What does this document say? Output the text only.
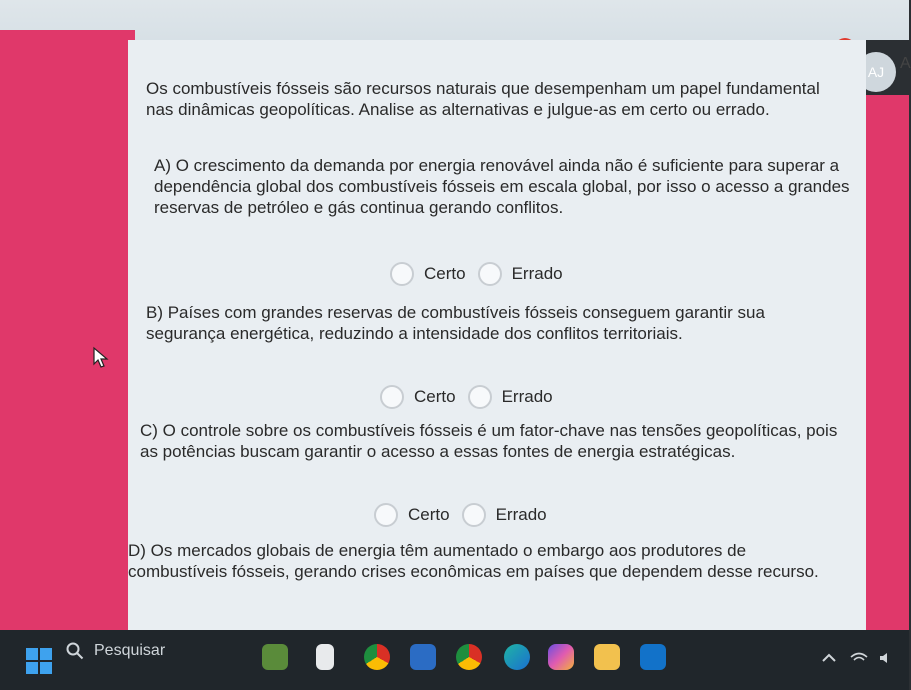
AJ A
Os combustíveis fósseis são recursos naturais que desempenham um papel fundamental nas dinâmicas geopolíticas. Analise as alternativas e julgue-as em certo ou errado.
A) O crescimento da demanda por energia renovável ainda não é suficiente para superar a dependência global dos combustíveis fósseis em escala global, por isso o acesso a grandes reservas de petróleo e gás continua gerando conflitos.
Certo	Errado
B) Países com grandes reservas de combustíveis fósseis conseguem garantir sua segurança energética, reduzindo a intensidade dos conflitos territoriais.
Certo	Errado
C) O controle sobre os combustíveis fósseis é um fator-chave nas tensões geopolíticas, pois as potências buscam garantir o acesso a essas fontes de energia estratégicas.
Certo	Errado
D) Os mercados globais de energia têm aumentado o embargo aos produtores de combustíveis fósseis, gerando crises econômicas em países que dependem desse recurso.
Pesquisar
